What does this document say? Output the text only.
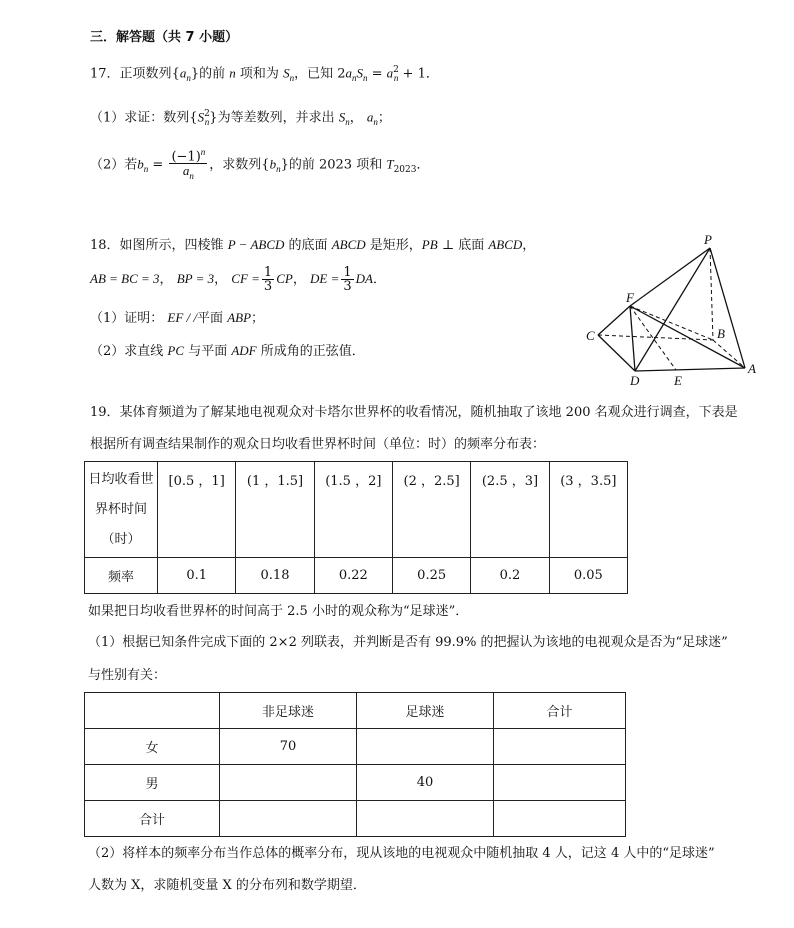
三．解答题（共 7 小题）
17．正项数列$\{a_n\}$的前 n 项和为 $S_n$，已知 $2a_nS_n = a^2_n + 1$．
（1）求证：数列$\{S^2_n\}$为等差数列，并求出 $S_n$， $a_n$；
（2）若$b_n = \frac{(-1)^n}{a_n}$ ，求数列$\{b_n\}$的前 2023 项和 $T_{2023}$．
18．如图所示，四棱锥 P − ABCD 的底面 ABCD 是矩形，PB ⊥ 底面 ABCD，
AB = BC = 3， BP = 3， CF = $\frac{1}{3}$ CP， DE = $\frac{1}{3}$ DA．
（1）证明： EF / /平面 ABP；
（2）求直线 PC 与平面 ADF 所成角的正弦值．
P
F
B
C
D	E
A
19．某体育频道为了解某地电视观众对卡塔尔世界杯的收看情况，随机抽取了该地 200 名观众进行调查，下表是
根据所有调查结果制作的观众日均收看世界杯时间（单位：时）的频率分布表：
日均收看世
界杯时间
（时）	[0.5 ，1]	(1 ，1.5]	(1.5 ，2]	(2 ，2.5]	(2.5 ，3]	(3 ，3.5]
频率	0.1	0.18	0.22	0.25	0.2	0.05
如果把日均收看世界杯的时间高于 2.5 小时的观众称为“足球迷”．
（1）根据已知条件完成下面的 2×2 列联表，并判断是否有 99.9% 的把握认为该地的电视观众是否为“足球迷”
与性别有关：
	非足球迷	足球迷	合计
女	70		
男		40	
合计			
（2）将样本的频率分布当作总体的概率分布，现从该地的电视观众中随机抽取 4 人，记这 4 人中的“足球迷”
人数为 X，求随机变量 X 的分布列和数学期望．
